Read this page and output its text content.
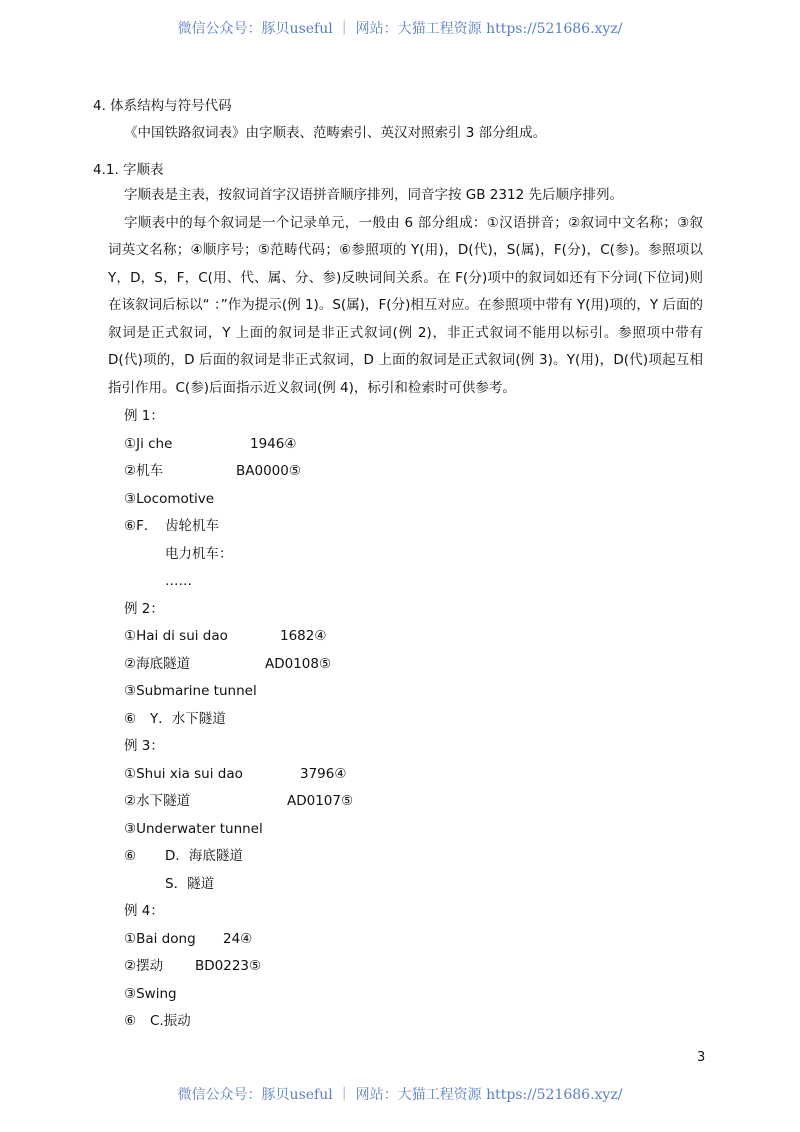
微信公众号：豚贝useful ｜ 网站：大猫工程资源 https://521686.xyz/
4. 体系结构与符号代码
《中国铁路叙词表》由字顺表、范畴索引、英汉对照索引 3 部分组成。
4.1. 字顺表
字顺表是主表，按叙词首字汉语拼音顺序排列，同音字按 GB 2312 先后顺序排列。
字顺表中的每个叙词是一个记录单元，一般由 6 部分组成：①汉语拼音；②叙词中文名称；③叙词英文名称；④顺序号；⑤范畴代码；⑥参照项的 Y(用)，D(代)，S(属)，F(分)，C(参)。参照项以 Y，D，S，F，C(用、代、属、分、参)反映词间关系。在 F(分)项中的叙词如还有下分词(下位词)则在该叙词后标以“ ：”作为提示(例 1)。S(属)，F(分)相互对应。在参照项中带有 Y(用)项的，Y 后面的叙词是正式叙词，Y 上面的叙词是非正式叙词(例 2)，非正式叙词不能用以标引。参照项中带有 D(代)项的，D 后面的叙词是非正式叙词，D 上面的叙词是正式叙词(例 3)。Y(用)，D(代)项起互相指引作用。C(参)后面指示近义叙词(例 4)，标引和检索时可供参考。
例 1：
①Ji che	1946④
②机车	BA0000⑤
③Locomotive
⑥F． 齿轮机车
电力机车：
……
例 2：
①Hai di sui dao	1682④
②海底隧道	AD0108⑤
③Submarine tunnel
⑥ Y．水下隧道
例 3：
①Shui xia sui dao	3796④
②水下隧道	AD0107⑤
③Underwater tunnel
⑥ D．海底隧道
S．隧道
例 4：
①Bai dong 24④
②摆动 BD0223⑤
③Swing
⑥ C.振动
3
微信公众号：豚贝useful ｜ 网站：大猫工程资源 https://521686.xyz/
